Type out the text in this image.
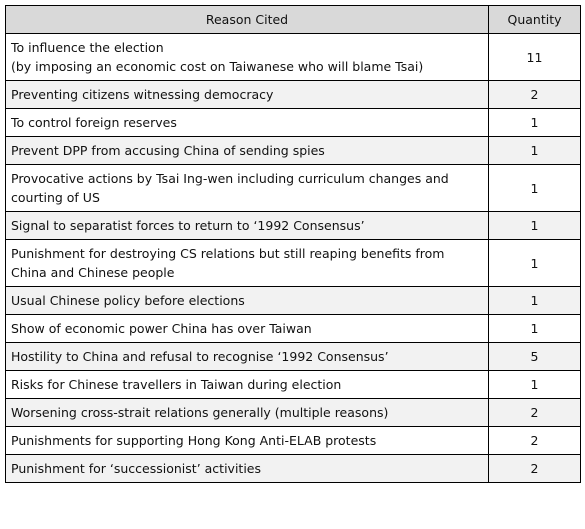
Reason Cited	Quantity

To influence the election
(by imposing an economic cost on Taiwanese who will blame Tsai)	11

Preventing citizens witnessing democracy	2

To control foreign reserves	1

Prevent DPP from accusing China of sending spies	1

Provocative actions by Tsai Ing-wen including curriculum changes and
courting of US	1

Signal to separatist forces to return to ‘1992 Consensus’	1

Punishment for destroying CS relations but still reaping benefits from
China and Chinese people	1

Usual Chinese policy before elections	1

Show of economic power China has over Taiwan	1

Hostility to China and refusal to recognise ‘1992 Consensus’	5

Risks for Chinese travellers in Taiwan during election	1

Worsening cross-strait relations generally (multiple reasons)	2

Punishments for supporting Hong Kong Anti-ELAB protests	2

Punishment for ‘successionist’ activities	2
